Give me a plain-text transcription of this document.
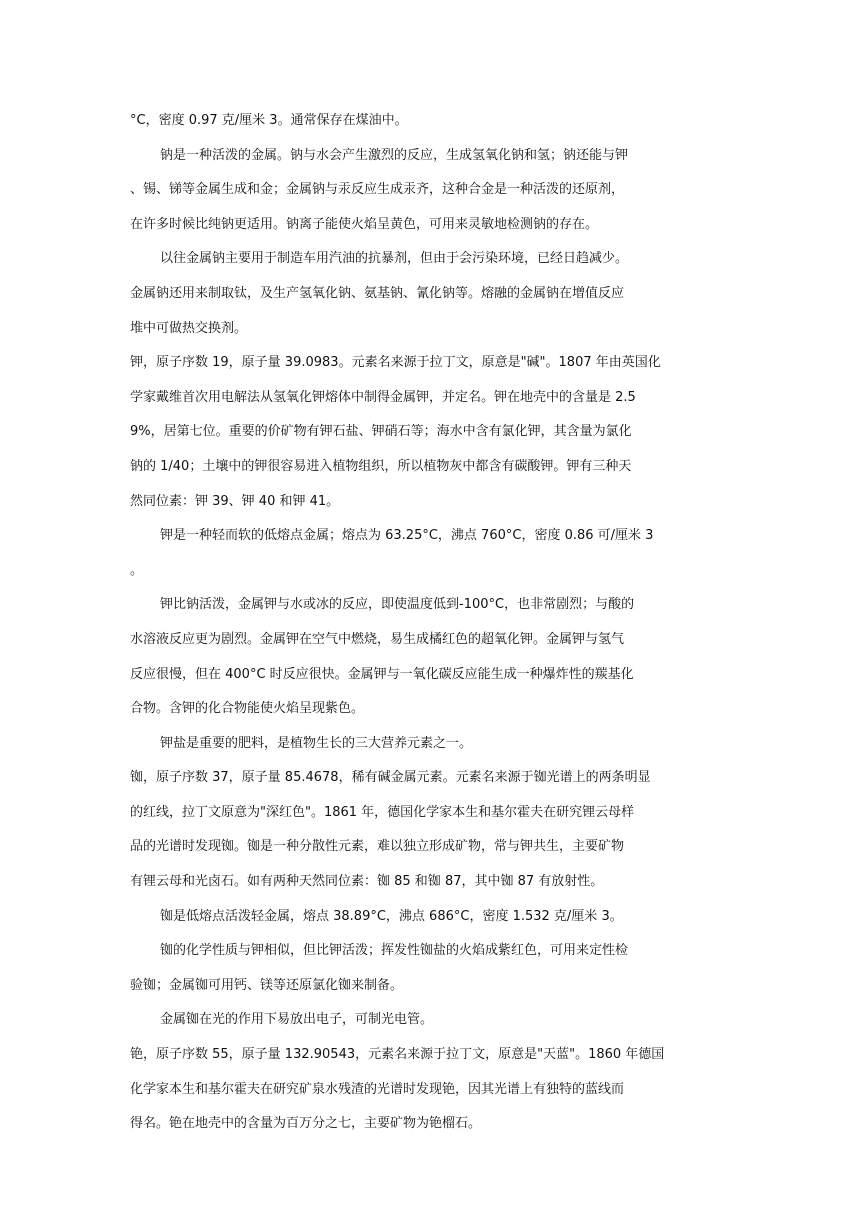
°C，密度 0.97 克/厘米 3。通常保存在煤油中。
钠是一种活泼的金属。钠与水会产生激烈的反应，生成氢氧化钠和氢；钠还能与钾
、锡、锑等金属生成和金；金属钠与汞反应生成汞齐，这种合金是一种活泼的还原剂，
在许多时候比纯钠更适用。钠离子能使火焰呈黄色，可用来灵敏地检测钠的存在。
以往金属钠主要用于制造车用汽油的抗暴剂，但由于会污染环境，已经日趋减少。
金属钠还用来制取钛，及生产氢氧化钠、氨基钠、氰化钠等。熔融的金属钠在增值反应
堆中可做热交换剂。
钾，原子序数 19，原子量 39.0983。元素名来源于拉丁文，原意是"碱"。1807 年由英国化
学家戴维首次用电解法从氢氧化钾熔体中制得金属钾，并定名。钾在地壳中的含量是 2.5
9%，居第七位。重要的价矿物有钾石盐、钾硝石等；海水中含有氯化钾，其含量为氯化
钠的 1/40；土壤中的钾很容易进入植物组织，所以植物灰中都含有碳酸钾。钾有三种天
然同位素：钾 39、钾 40 和钾 41。
钾是一种轻而软的低熔点金属；熔点为 63.25°C，沸点 760°C，密度 0.86 可/厘米 3
。
钾比钠活泼，金属钾与水或冰的反应，即使温度低到-100°C，也非常剧烈；与酸的
水溶液反应更为剧烈。金属钾在空气中燃烧，易生成橘红色的超氧化钾。金属钾与氢气
反应很慢，但在 400°C 时反应很快。金属钾与一氧化碳反应能生成一种爆炸性的羰基化
合物。含钾的化合物能使火焰呈现紫色。
钾盐是重要的肥料，是植物生长的三大营养元素之一。
铷，原子序数 37，原子量 85.4678，稀有碱金属元素。元素名来源于铷光谱上的两条明显
的红线，拉丁文原意为"深红色"。1861 年，德国化学家本生和基尔霍夫在研究锂云母样
品的光谱时发现铷。铷是一种分散性元素，难以独立形成矿物，常与钾共生，主要矿物
有锂云母和光卤石。如有两种天然同位素：铷 85 和铷 87，其中铷 87 有放射性。
铷是低熔点活泼轻金属，熔点 38.89°C，沸点 686°C，密度 1.532 克/厘米 3。
铷的化学性质与钾相似，但比钾活泼；挥发性铷盐的火焰成紫红色，可用来定性检
验铷；金属铷可用钙、镁等还原氯化铷来制备。
金属铷在光的作用下易放出电子，可制光电管。
铯，原子序数 55，原子量 132.90543，元素名来源于拉丁文，原意是"天蓝"。1860 年德国
化学家本生和基尔霍夫在研究矿泉水残渣的光谱时发现铯，因其光谱上有独特的蓝线而
得名。铯在地壳中的含量为百万分之七，主要矿物为铯榴石。
